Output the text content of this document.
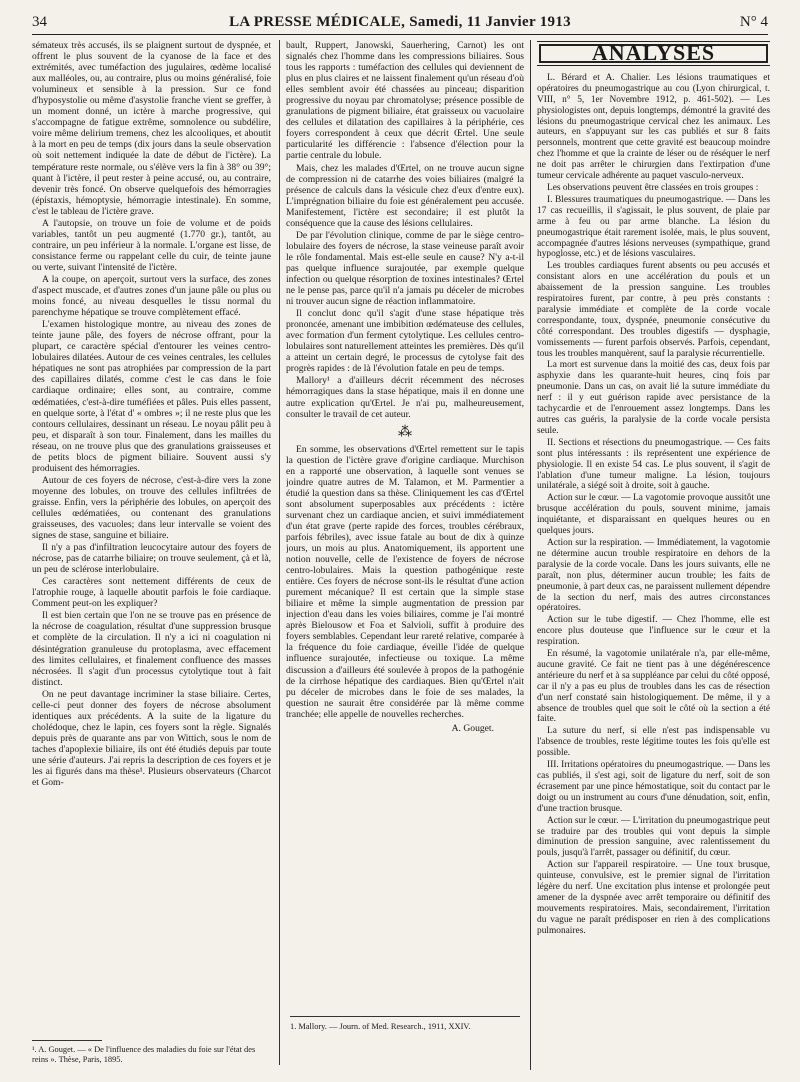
34	LA PRESSE MÉDICALE, Samedi, 11 Janvier 1913	N° 4

sémateux très accusés, ils se plaignent surtout de dyspnée, et offrent le plus souvent de la cyanose de la face et des extrémités, avec tuméfaction des jugulaires, œdème localisé aux malléoles, ou, au contraire, plus ou moins généralisé, foie volumineux et sensible à la pression. Sur ce fond d'hyposystolie ou même d'asystolie franche vient se greffer, à un moment donné, un ictère à marche progressive, qui s'accompagne de fatigue extrême, somnolence ou subdélire, voire même delirium tremens, chez les alcooliques, et aboutit à la mort en peu de temps (dix jours dans la seule observation où soit nettement indiquée la date de début de l'ictère). La température reste normale, ou s'élève vers la fin à 38° ou 39°; quant à l'ictère, il peut rester à peine accusé, ou, au contraire, devenir très foncé. On observe quelquefois des hémorragies (épistaxis, hémoptysie, hémorragie intestinale). En somme, c'est le tableau de l'ictère grave.

A l'autopsie, on trouve un foie de volume et de poids variables, tantôt un peu augmenté (1.770 gr.), tantôt, au contraire, un peu inférieur à la normale. L'organe est lisse, de consistance ferme ou rappelant celle du cuir, de teinte jaune ou verte, suivant l'intensité de l'ictère.

A la coupe, on aperçoit, surtout vers la surface, des zones d'aspect muscade, et d'autres zones d'un jaune pâle ou plus ou moins foncé, au niveau desquelles le tissu normal du parenchyme hépatique se trouve complètement effacé.

L'examen histologique montre, au niveau des zones de teinte jaune pâle, des foyers de nécrose offrant, pour la plupart, ce caractère spécial d'entourer les veines centro-lobulaires dilatées. Autour de ces veines centrales, les cellules hépatiques ne sont pas atrophiées par compression de la part des capillaires dilatés, comme c'est le cas dans le foie cardiaque ordinaire; elles sont, au contraire, comme œdématiées, c'est-à-dire tuméfiées et pâles. Puis elles passent, en quelque sorte, à l'état d' « ombres »; il ne reste plus que les contours cellulaires, dessinant un réseau. Le noyau pâlit peu à peu, et disparaît à son tour. Finalement, dans les mailles du réseau, on ne trouve plus que des granulations graisseuses et de petits blocs de pigment biliaire. Souvent aussi s'y produisent des hémorragies.

Autour de ces foyers de nécrose, c'est-à-dire vers la zone moyenne des lobules, on trouve des cellules infiltrées de graisse. Enfin, vers la périphérie des lobules, on aperçoit des cellules œdématiées, ou contenant des granulations graisseuses, des vacuoles; dans leur intervalle se voient des signes de stase, sanguine et biliaire.

Il n'y a pas d'infiltration leucocytaire autour des foyers de nécrose, pas de catarrhe biliaire; on trouve seulement, çà et là, un peu de sclérose interlobulaire.

Ces caractères sont nettement différents de ceux de l'atrophie rouge, à laquelle aboutit parfois le foie cardiaque. Comment peut-on les expliquer?

Il est bien certain que l'on ne se trouve pas en présence de la nécrose de coagulation, résultat d'une suppression brusque et complète de la circulation. Il n'y a ici ni coagulation ni désintégration granuleuse du protoplasma, avec effacement des limites cellulaires, et finalement confluence des masses nécrosées. Il s'agit d'un processus cytolytique tout à fait distinct.

On ne peut davantage incriminer la stase biliaire. Certes, celle-ci peut donner des foyers de nécrose absolument identiques aux précédents. A la suite de la ligature du cholédoque, chez le lapin, ces foyers sont la règle. Signalés depuis près de quarante ans par von Wittich, sous le nom de taches d'apoplexie biliaire, ils ont été étudiés depuis par toute une série d'auteurs. J'ai repris la description de ces foyers et je les ai figurés dans ma thèse¹. Plusieurs observateurs (Charcot et Gom-

¹. A. Gouget. — « De l'influence des maladies du foie sur l'état des reins ». Thèse, Paris, 1895.

bault, Ruppert, Janowski, Sauerhering, Carnot) les ont signalés chez l'homme dans les compressions biliaires. Sous tous les rapports : tuméfaction des cellules qui deviennent de plus en plus claires et ne laissent finalement qu'un réseau d'où elles semblent avoir été chassées au pinceau; disparition progressive du noyau par chromatolyse; présence possible de granulations de pigment biliaire, état graisseux ou vacuolaire des cellules et dilatation des capillaires à la périphérie, ces foyers correspondent à ceux que décrit Œrtel. Une seule particularité les différencie : l'absence d'élection pour la partie centrale du lobule.

Mais, chez les malades d'Œrtel, on ne trouve aucun signe de compression ni de catarrhe des voies biliaires (malgré la présence de calculs dans la vésicule chez d'eux d'entre eux). L'imprégnation biliaire du foie est généralement peu accusée. Manifestement, l'ictère est secondaire; il est plutôt la conséquence que la cause des lésions cellulaires.

De par l'évolution clinique, comme de par le siège centro-lobulaire des foyers de nécrose, la stase veineuse paraît avoir le rôle fondamental. Mais est-elle seule en cause? N'y a-t-il pas quelque influence surajoutée, par exemple quelque infection ou quelque résorption de toxines intestinales? Œrtel ne le pense pas, parce qu'il n'a jamais pu déceler de microbes ni trouver aucun signe de réaction inflammatoire.

Il conclut donc qu'il s'agit d'une stase hépatique très prononcée, amenant une imbibition œdémateuse des cellules, avec formation d'un ferment cytolytique. Les cellules centro-lobulaires sont naturellement atteintes les premières. Dès qu'il a atteint un certain degré, le processus de cytolyse fait des progrès rapides : de là l'évolution fatale en peu de temps.

Mallory¹ a d'ailleurs décrit récemment des nécroses hémorragiques dans la stase hépatique, mais il en donne une autre explication qu'Œrtel. Je n'ai pu, malheureusement, consulter le travail de cet auteur.

⁂

En somme, les observations d'Œrtel remettent sur le tapis la question de l'ictère grave d'origine cardiaque. Murchison en a rapporté une observation, à laquelle sont venues se joindre quatre autres de M. Talamon, et M. Parmentier a étudié la question dans sa thèse. Cliniquement les cas d'Œrtel sont absolument superposables aux précédents : ictère survenant chez un cardiaque ancien, et suivi immédiatement d'un état grave (perte rapide des forces, troubles cérébraux, parfois fébriles), avec issue fatale au bout de dix à quinze jours, un mois au plus. Anatomiquement, ils apportent une notion nouvelle, celle de l'existence de foyers de nécrose centro-lobulaires. Mais la question pathogénique reste entière. Ces foyers de nécrose sont-ils le résultat d'une action purement mécanique? Il est certain que la simple stase biliaire et même la simple augmentation de pression par injection d'eau dans les voies biliaires, comme je l'ai montré après Bielousow et Foa et Salvioli, suffit à produire des foyers semblables. Cependant leur rareté relative, comparée à la fréquence du foie cardiaque, éveille l'idée de quelque influence surajoutée, infectieuse ou toxique. La même discussion a d'ailleurs été soulevée à propos de la pathogénie de la cirrhose hépatique des cardiaques. Bien qu'Œrtel n'ait pu déceler de microbes dans le foie de ses malades, la question ne saurait être considérée par là même comme tranchée; elle appelle de nouvelles recherches.

A. Gouget.
1. Mallory. — Journ. of Med. Research., 1911, XXIV.
ANALYSES

L. Bérard et A. Chalier. Les lésions traumatiques et opératoires du pneumogastrique au cou (Lyon chirurgical, t. VIII, n° 5, 1er Novembre 1912, p. 461-502). — Les physiologistes ont, depuis longtemps, démontré la gravité des lésions du pneumogastrique cervical chez les animaux. Les auteurs, en s'appuyant sur les cas publiés et sur 8 faits personnels, montrent que cette gravité est beaucoup moindre chez l'homme et que la crainte de léser ou de réséquer le nerf ne doit pas arrêter le chirurgien dans l'extirpation d'une tumeur cervicale adhérente au paquet vasculo-nerveux.

Les observations peuvent être classées en trois groupes :

I. Blessures traumatiques du pneumogastrique. — Dans les 17 cas recueillis, il s'agissait, le plus souvent, de plaie par arme à feu ou par arme blanche. La lésion du pneumogastrique était rarement isolée, mais, le plus souvent, accompagnée d'autres lésions nerveuses (sympathique, grand hypoglosse, etc.) et de lésions vasculaires.

Les troubles cardiaques furent absents ou peu accusés et consistant alors en une accélération du pouls et un abaissement de la pression sanguine. Les troubles respiratoires furent, par contre, à peu près constants : paralysie immédiate et complète de la corde vocale correspondante, toux, dyspnée, pneumonie consécutive du côté correspondant. Des troubles digestifs — dysphagie, vomissements — furent parfois observés. Parfois, cependant, tous les troubles manquèrent, sauf la paralysie récurrentielle.

La mort est survenue dans la moitié des cas, deux fois par asphyxie dans les quarante-huit heures, cinq fois par pneumonie. Dans un cas, on avait lié la suture immédiate du nerf : il y eut guérison rapide avec persistance de la tachycardie et de l'enrouement assez longtemps. Dans les autres cas guéris, la paralysie de la corde vocale persista seule.

II. Sections et résections du pneumogastrique. — Ces faits sont plus intéressants : ils représentent une expérience de physiologie. Il en existe 54 cas. Le plus souvent, il s'agit de l'ablation d'une tumeur maligne. La lésion, toujours unilatérale, a siégé soit à droite, soit à gauche.

Action sur le cœur. — La vagotomie provoque aussitôt une brusque accélération du pouls, souvent minime, jamais inquiétante, et disparaissant en quelques heures ou en quelques jours.

Action sur la respiration. — Immédiatement, la vagotomie ne détermine aucun trouble respiratoire en dehors de la paralysie de la corde vocale. Dans les jours suivants, elle ne paraît, non plus, déterminer aucun trouble; les faits de pneumonie, à part deux cas, ne paraissent nullement dépendre de la section du nerf, mais des autres circonstances opératoires.

Action sur le tube digestif. — Chez l'homme, elle est encore plus douteuse que l'influence sur le cœur et la respiration.

En résumé, la vagotomie unilatérale n'a, par elle-même, aucune gravité. Ce fait ne tient pas à une dégénérescence antérieure du nerf et à sa suppléance par celui du côté opposé, car il n'y a pas eu plus de troubles dans les cas de résection d'un nerf constaté sain histologiquement. De même, il y a absence de troubles quel que soit le côté où la section a été faite.

La suture du nerf, si elle n'est pas indispensable vu l'absence de troubles, reste légitime toutes les fois qu'elle est possible.

III. Irritations opératoires du pneumogastrique. — Dans les cas publiés, il s'est agi, soit de ligature du nerf, soit de son écrasement par une pince hémostatique, soit du contact par le doigt ou un instrument au cours d'une dénudation, soit, enfin, d'une traction brusque.

Action sur le cœur. — L'irritation du pneumogastrique peut se traduire par des troubles qui vont depuis la simple diminution de pression sanguine, avec ralentissement du pouls, jusqu'à l'arrêt, passager ou définitif, du cœur.

Action sur l'appareil respiratoire. — Une toux brusque, quinteuse, convulsive, est le premier signal de l'irritation légère du nerf. Une excitation plus intense et prolongée peut amener de la dyspnée avec arrêt temporaire ou définitif des mouvements respiratoires. Mais, secondairement, l'irritation du vague ne paraît prédisposer en rien à des complications pulmonaires.
